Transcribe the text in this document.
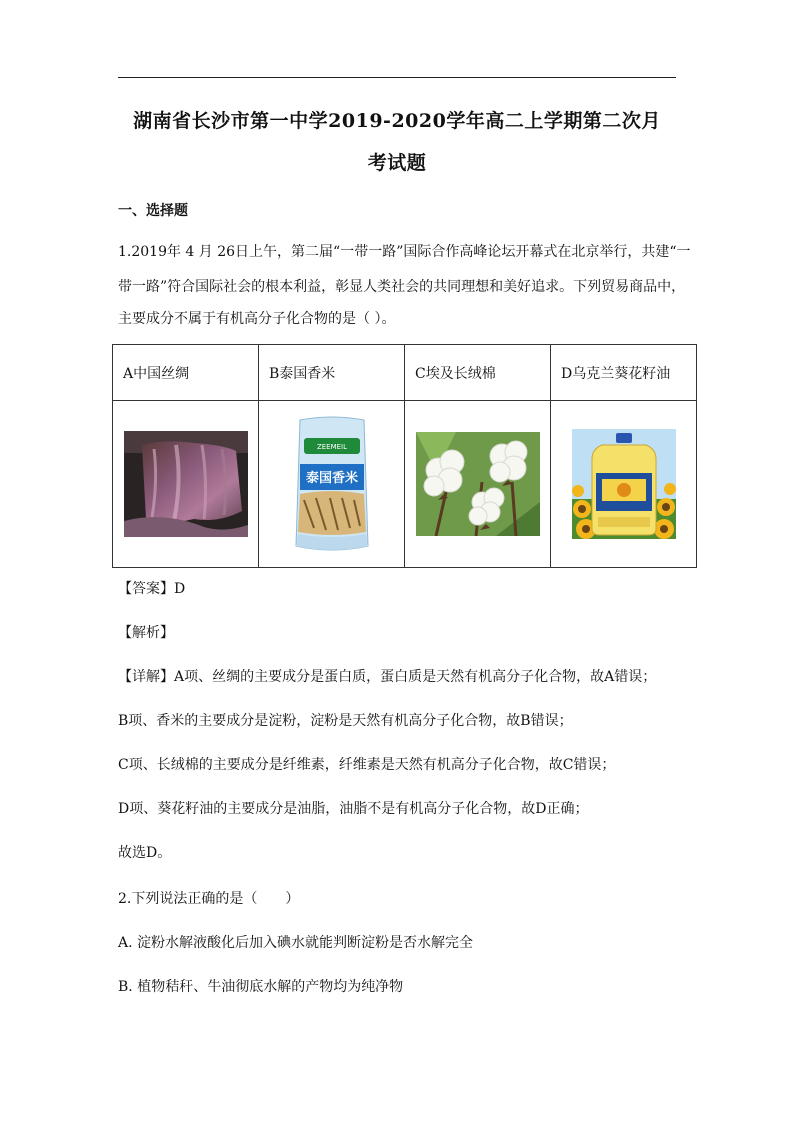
湖南省长沙市第一中学2019-2020学年高二上学期第二次月
考试题
一、选择题
1.2019年 4 月 26日上午，第二届“一带一路”国际合作高峰论坛开幕式在北京举行，共建“一
带一路”符合国际社会的根本利益，彰显人类社会的共同理想和美好追求。下列贸易商品中，
主要成分不属于有机高分子化合物的是（ ）。
A中国丝绸	B泰国香米	C埃及长绒棉	D乌克兰葵花籽油

ZEEMEIL
泰国香米

【答案】D
【解析】
【详解】A项、丝绸的主要成分是蛋白质，蛋白质是天然有机高分子化合物，故A错误；
B项、香米的主要成分是淀粉，淀粉是天然有机高分子化合物，故B错误；
C项、长绒棉的主要成分是纤维素，纤维素是天然有机高分子化合物，故C错误；
D项、葵花籽油的主要成分是油脂，油脂不是有机高分子化合物，故D正确；
故选D。
2.下列说法正确的是（　　）
A. 淀粉水解液酸化后加入碘水就能判断淀粉是否水解完全
B. 植物秸秆、牛油彻底水解的产物均为纯净物
